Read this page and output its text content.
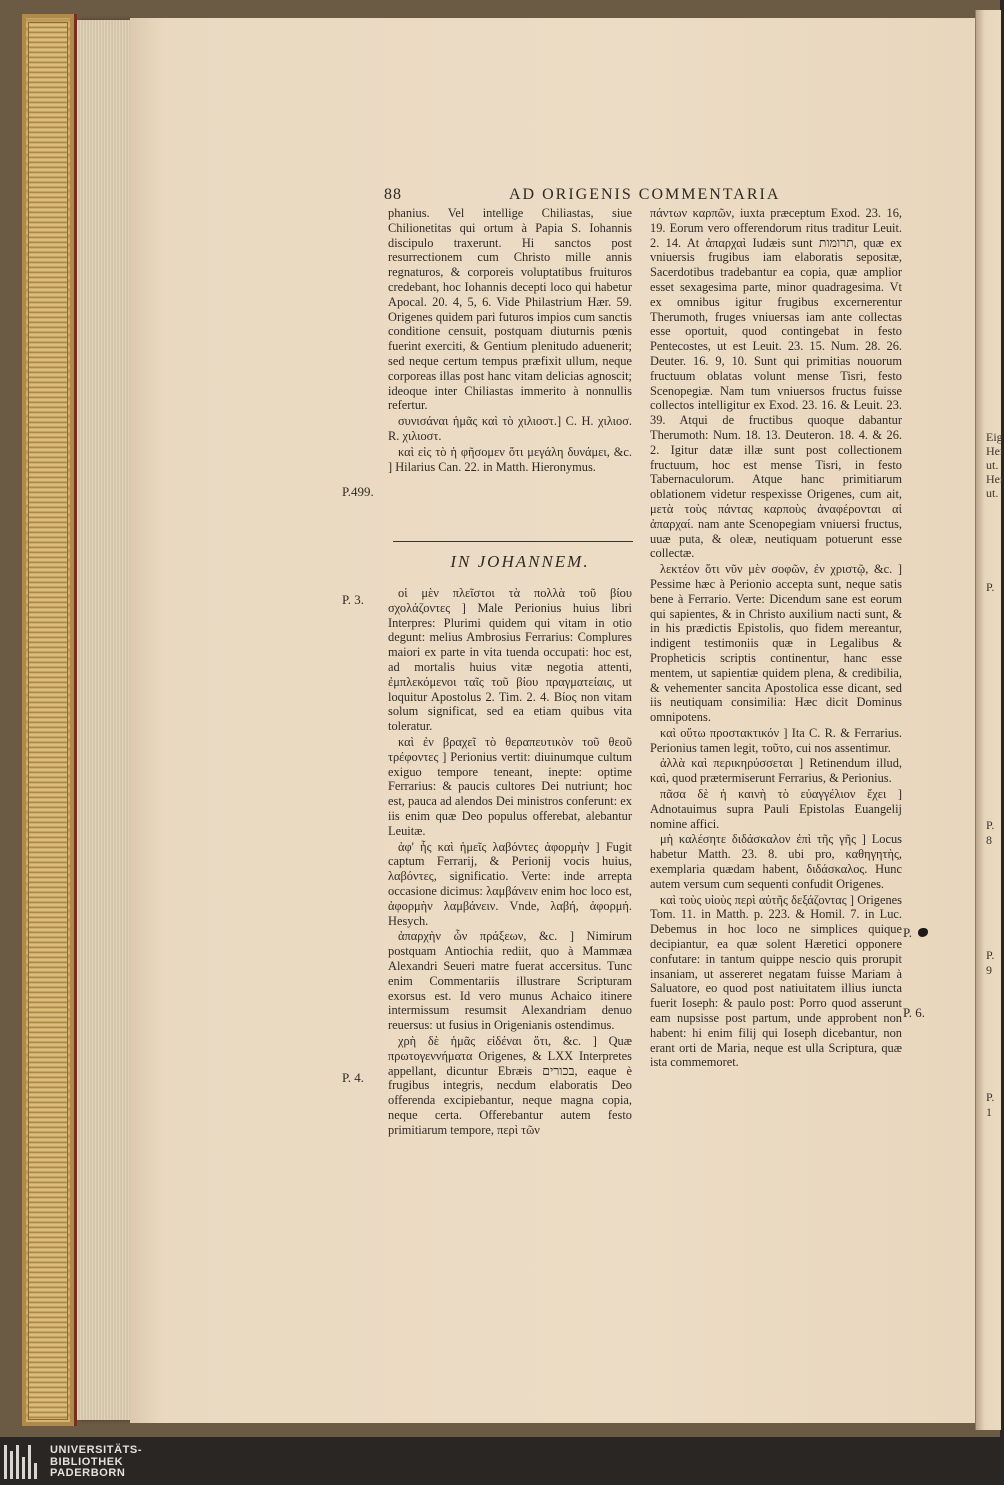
Eig
Her
ut.
Her
ut.
P.
P. 8
P. 9
P. 1
88	AD ORIGENIS COMMENTARIA

phanius. Vel intellige Chiliastas, siue Chilionetitas qui ortum à Papia S. Iohannis discipulo traxerunt. Hi sanctos post resurrectionem cum Christo mille annis regnaturos, & corporeis voluptatibus fruituros credebant, hoc Iohannis decepti loco qui habetur Apocal. 20. 4, 5, 6. Vide Philastrium Hær. 59. Origenes quidem pari futuros impios cum sanctis conditione censuit, postquam diuturnis pœnis fuerint exerciti, & Gentium plenitudo aduenerit; sed neque certum tempus præfixit ullum, neque corporeas illas post hanc vitam delicias agnoscit; ideoque inter Chiliastas immerito à nonnullis refertur.

συνισάναι ἡμᾶς καὶ τὸ χιλιοστ.] C. H. χιλιοσ. R. χιλιοστ.

καὶ εἰς τὸ ἡ φῆσομεν ὅτι μεγάλη δυνάμει, &c. ] Hilarius Can. 22. in Matth. Hieronymus.

P.499.
IN JOHANNEM.
P. 3.
P. 4.

οἱ μὲν πλεῖστοι τὰ πολλὰ τοῦ βίου σχολάζοντες ] Male Perionius huius libri Interpres: Plurimi quidem qui vitam in otio degunt: melius Ambrosius Ferrarius: Complures maiori ex parte in vita tuenda occupati: hoc est, ad mortalis huius vitæ negotia attenti, ἐμπλεκόμενοι ταῖς τοῦ βίου πραγματείαις, ut loquitur Apostolus 2. Tim. 2. 4. Βίος non vitam solum significat, sed ea etiam quibus vita toleratur.

καὶ ἐν βραχεῖ τὸ θεραπευτικὸν τοῦ θεοῦ τρέφοντες ] Perionius vertit: diuinumque cultum exiguo tempore teneant, inepte: optime Ferrarius: & paucis cultores Dei nutriunt; hoc est, pauca ad alendos Dei ministros conferunt: ex iis enim quæ Deo populus offerebat, alebantur Leuitæ.

ἀφ' ἧς καὶ ἡμεῖς λαβόντες ἀφορμὴν ] Fugit captum Ferrarij, & Perionij vocis huius, λαβόντες, significatio. Verte: inde arrepta occasione dicimus: λαμβάνειν enim hoc loco est, ἀφορμὴν λαμβάνειν. Vnde, λαβή, ἀφορμή. Hesych.

ἀπαρχὴν ὧν πράξεων, &c. ] Nimirum postquam Antiochia rediit, quo à Mammæa Alexandri Seueri matre fuerat accersitus. Tunc enim Commentariis illustrare Scripturam exorsus est. Id vero munus Achaico itinere intermissum resumsit Alexandriam denuo reuersus: ut fusius in Origenianis ostendimus.

χρὴ δὲ ἡμᾶς εἰδέναι ὅτι, &c. ] Quæ πρωτογεννήματα Origenes, & LXX Interpretes appellant, dicuntur Ebræis בכורים, eaque è frugibus integris, necdum elaboratis Deo offerenda excipiebantur, neque magna copia, neque certa. Offerebantur autem festo primitiarum tempore, περὶ τῶν

πάντων καρπῶν, iuxta præceptum Exod. 23. 16, 19. Eorum vero offerendorum ritus traditur Leuit. 2. 14. At ἀπαρχαὶ Iudæis sunt תרומות, quæ ex vniuersis frugibus iam elaboratis sepositæ, Sacerdotibus tradebantur ea copia, quæ amplior esset sexagesima parte, minor quadragesima. Vt ex omnibus igitur frugibus excernerentur Therumoth, fruges vniuersas iam ante collectas esse oportuit, quod contingebat in festo Pentecostes, ut est Leuit. 23. 15. Num. 28. 26. Deuter. 16. 9, 10. Sunt qui primitias nouorum fructuum oblatas volunt mense Tisri, festo Scenopegiæ. Nam tum vniuersos fructus fuisse collectos intelligitur ex Exod. 23. 16. & Leuit. 23. 39. Atqui de fructibus quoque dabantur Therumoth: Num. 18. 13. Deuteron. 18. 4. & 26. 2. Igitur datæ illæ sunt post collectionem fructuum, hoc est mense Tisri, in festo Tabernaculorum. Atque hanc primitiarum oblationem videtur respexisse Origenes, cum ait, μετὰ τοὺς πάντας καρποὺς ἀναφέρονται αἱ ἀπαρχαί. nam ante Scenopegiam vniuersi fructus, uuæ puta, & oleæ, neutiquam potuerunt esse collectæ.

λεκτέον ὅτι νῦν μὲν σοφῶν, ἐν χριστῷ, &c. ] Pessime hæc à Perionio accepta sunt, neque satis bene à Ferrario. Verte: Dicendum sane est eorum qui sapientes, & in Christo auxilium nacti sunt, & in his prædictis Epistolis, quo fidem mereantur, indigent testimoniis quæ in Legalibus & Propheticis scriptis continentur, hanc esse mentem, ut sapientiæ quidem plena, & credibilia, & vehementer sancita Apostolica esse dicant, sed iis neutiquam consimilia: Hæc dicit Dominus omnipotens.

καὶ οὕτω προστακτικόν ] Ita C. R. & Ferrarius. Perionius tamen legit, τοῦτο, cui nos assentimur.

ἀλλὰ καὶ περικηρύσσεται ] Retinendum illud, καὶ, quod prætermiserunt Ferrarius, & Perionius.

πᾶσα δὲ ἡ καινὴ τὸ εὐαγγέλιον ἔχει ] Adnotauimus supra Pauli Epistolas Euangelij nomine affici.

μὴ καλέσητε διδάσκαλον ἐπὶ τῆς γῆς ] Locus habetur Matth. 23. 8. ubi pro, καθηγητὴς, exemplaria quædam habent, διδάσκαλος. Hunc autem versum cum sequenti confudit Origenes.

καὶ τοὺς υἱοὺς περὶ αὐτῆς δεξάζοντας ] Origenes Tom. 11. in Matth. p. 223. & Homil. 7. in Luc. Debemus in hoc loco ne simplices quique decipiantur, ea quæ solent Hæretici opponere confutare: in tantum quippe nescio quis prorupit insaniam, ut assereret negatam fuisse Mariam à Saluatore, eo quod post natiuitatem illius iuncta fuerit Ioseph: & paulo post: Porro quod asserunt eam nupsisse post partum, unde approbent non habent: hi enim filij qui Ioseph dicebantur, non erant orti de Maria, neque est ulla Scriptura, quæ ista commemoret.

P.
P. 6.
UNIVERSITÄTS-
BIBLIOTHEK
PADERBORN
